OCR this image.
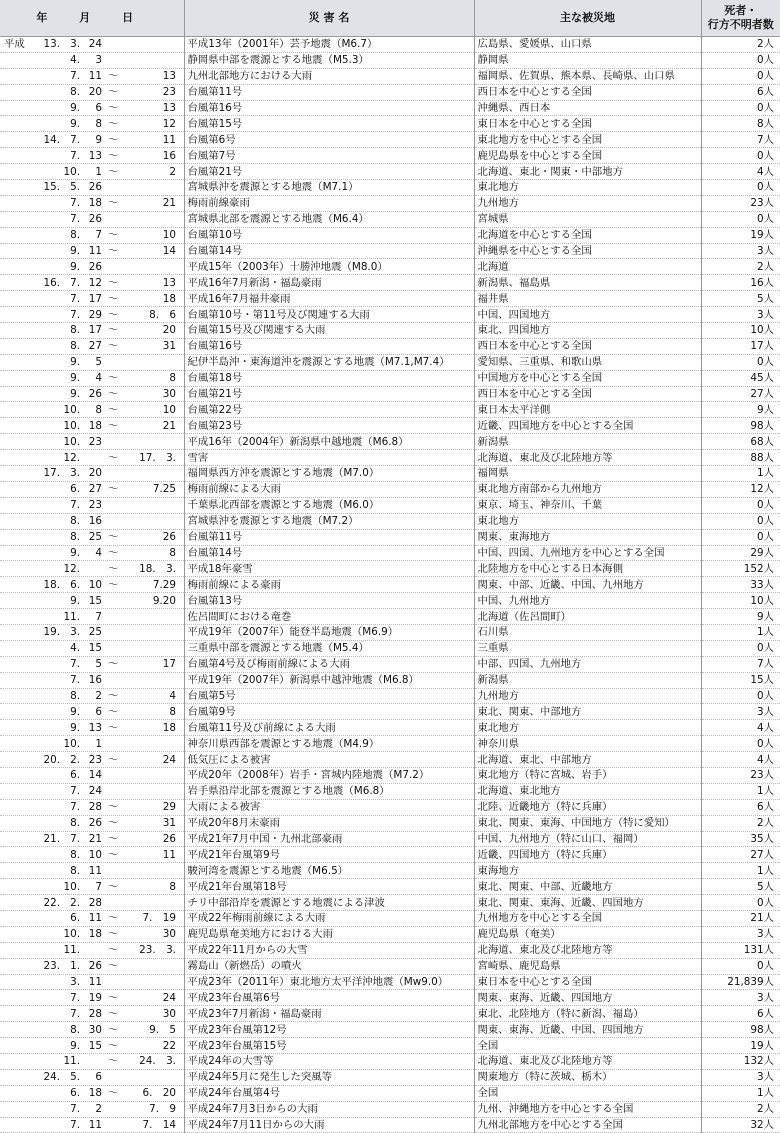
年 月 日	災 害 名	主な被災地	死者・
行方不明者数

平成 13. 3. 24	平成13年（2001年）芸予地震（M6.7）	広島県、愛媛県、山口県	2人

4. 3	静岡県中部を震源とする地震（M5.3）	静岡県	0人

7. 11 〜 13	九州北部地方における大雨	福岡県、佐賀県、熊本県、長崎県、山口県	0人

8. 20 〜 23	台風第11号	西日本を中心とする全国	6人

9. 6 〜 13	台風第16号	沖縄県、西日本	0人

9. 8 〜 12	台風第15号	東日本を中心とする全国	8人

14. 7. 9 〜 11	台風第6号	東北地方を中心とする全国	7人

7. 13 〜 16	台風第7号	鹿児島県を中心とする全国	0人

10. 1 〜 2	台風第21号	北海道、東北・関東・中部地方	4人

15. 5. 26	宮城県沖を震源とする地震（M7.1）	東北地方	0人

7. 18 〜 21	梅雨前線豪雨	九州地方	23人

7. 26	宮城県北部を震源とする地震（M6.4）	宮城県	0人

8. 7 〜 10	台風第10号	北海道を中心とする全国	19人

9. 11 〜 14	台風第14号	沖縄県を中心とする全国	3人

9. 26	平成15年（2003年）十勝沖地震（M8.0）	北海道	2人

16. 7. 12 〜 13	平成16年7月新潟・福島豪雨	新潟県、福島県	16人

7. 17 〜 18	平成16年7月福井豪雨	福井県	5人

7. 29 〜 8.　6	台風第10号・第11号及び関連する大雨	中国、四国地方	3人

8. 17 〜 20	台風第15号及び関連する大雨	東北、四国地方	10人

8. 27 〜 31	台風第16号	西日本を中心とする全国	17人

9. 5	紀伊半島沖・東海道沖を震源とする地震（M7.1,M7.4）	愛知県、三重県、和歌山県	0人

9. 4 〜 8	台風第18号	中国地方を中心とする全国	45人

9. 26 〜 30	台風第21号	西日本を中心とする全国	27人

10. 8 〜 10	台風第22号	東日本太平洋側	9人

10. 18 〜 21	台風第23号	近畿、四国地方を中心とする全国	98人

10. 23	平成16年（2004年）新潟県中越地震（M6.8）	新潟県	68人

12. 〜 17.　3.	雪害	北海道、東北及び北陸地方等	88人

17. 3. 20	福岡県西方沖を震源とする地震（M7.0）	福岡県	1人

6. 27 〜 7.25	梅雨前線による大雨	東北地方南部から九州地方	12人

7. 23	千葉県北西部を震源とする地震（M6.0）	東京、埼玉、神奈川、千葉	0人

8. 16	宮城県沖を震源とする地震（M7.2）	東北地方	0人

8. 25 〜 26	台風第11号	関東、東海地方	0人

9. 4 〜 8	台風第14号	中国、四国、九州地方を中心とする全国	29人

12. 〜 18.　3.	平成18年豪雪	北陸地方を中心とする日本海側	152人

18. 6. 10 〜 7.29	梅雨前線による豪雨	関東、中部、近畿、中国、九州地方	33人

9. 15 9.20	台風第13号	中国、九州地方	10人

11. 7	佐呂間町における竜巻	北海道（佐呂間町）	9人

19. 3. 25	平成19年（2007年）能登半島地震（M6.9）	石川県	1人

4. 15	三重県中部を震源とする地震（M5.4）	三重県	0人

7. 5 〜 17	台風第4号及び梅雨前線による大雨	中部、四国、九州地方	7人

7. 16	平成19年（2007年）新潟県中越沖地震（M6.8）	新潟県	15人

8. 2 〜 4	台風第5号	九州地方	0人

9. 6 〜 8	台風第9号	東北、関東、中部地方	3人

9. 13 〜 18	台風第11号及び前線による大雨	東北地方	4人

10. 1	神奈川県西部を震源とする地震（M4.9）	神奈川県	0人

20. 2. 23 〜 24	低気圧による被害	北海道、東北、中部地方	4人

6. 14	平成20年（2008年）岩手・宮城内陸地震（M7.2）	東北地方（特に宮城、岩手）	23人

7. 24	岩手県沿岸北部を震源とする地震（M6.8）	北海道、東北地方	1人

7. 28 〜 29	大雨による被害	北陸、近畿地方（特に兵庫）	6人

8. 26 〜 31	平成20年8月末豪雨	東北、関東、東海、中国地方（特に愛知）	2人

21. 7. 21 〜 26	平成21年7月中国・九州北部豪雨	中国、九州地方（特に山口、福岡）	35人

8. 10 〜 11	平成21年台風第9号	近畿、四国地方（特に兵庫）	27人

8. 11	駿河湾を震源とする地震（M6.5）	東海地方	1人

10. 7 〜 8	平成21年台風第18号	東北、関東、中部、近畿地方	5人

22. 2. 28	チリ中部沿岸を震源とする地震による津波	東北、関東、東海、近畿、四国地方	0人

6. 11 〜 7.　19	平成22年梅雨前線による大雨	九州地方を中心とする全国	21人

10. 18 〜 30	鹿児島県奄美地方における大雨	鹿児島県（奄美）	3人

11. 〜 23.　3.	平成22年11月からの大雪	北海道、東北及び北陸地方等	131人

23. 1. 26 〜	霧島山（新燃岳）の噴火	宮崎県、鹿児島県	0人

3. 11	平成23年（2011年）東北地方太平洋沖地震（Mw9.0）	東日本を中心とする全国	21,839人

7. 19 〜 24	平成23年台風第6号	関東、東海、近畿、四国地方	3人

7. 28 〜 30	平成23年7月新潟・福島豪雨	東北、北陸地方（特に新潟、福島）	6人

8. 30 〜 9.　5	平成23年台風第12号	関東、東海、近畿、中国、四国地方	98人

9. 15 〜 22	平成23年台風第15号	全国	19人

11. 〜 24.　3.	平成24年の大雪等	北海道、東北及び北陸地方等	132人

24. 5. 6	平成24年5月に発生した突風等	関東地方（特に茨城、栃木）	3人

6. 18 〜 6.　20	平成24年台風第4号	全国	1人

7. 2 7.　9	平成24年7月3日からの大雨	九州、沖縄地方を中心とする全国	2人

7. 11 7.　14	平成24年7月11日からの大雨	九州北部地方を中心とする全国	32人
